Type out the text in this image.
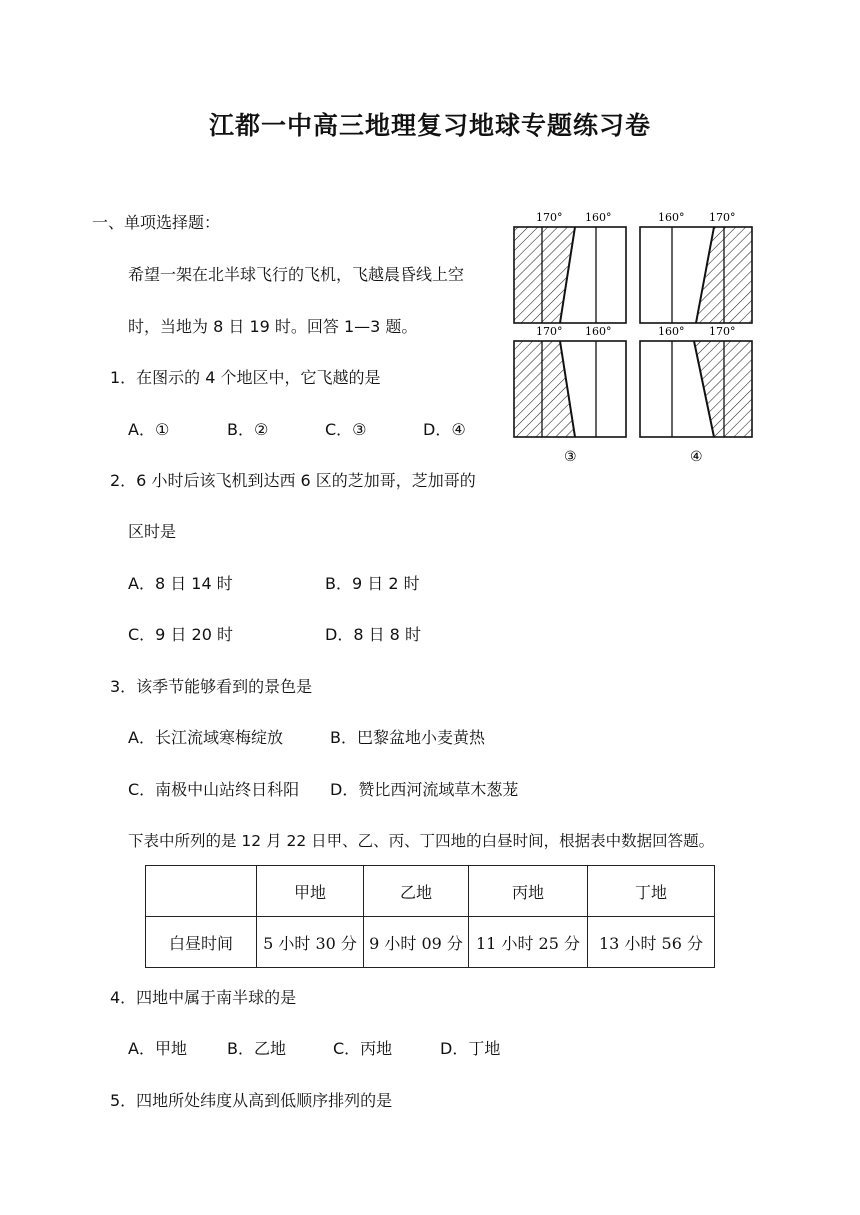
江都一中高三地理复习地球专题练习卷
一、单项选择题：
希望一架在北半球飞行的飞机，飞越晨昏线上空
时，当地为 8 日 19 时。回答 1—3 题。
170° 160°	160° 170°
170° 160°
③
160° 170°
④
1．在图示的 4 个地区中，它飞越的是
A．①	B．②	C．③	D．④
2．6 小时后该飞机到达西 6 区的芝加哥，芝加哥的
区时是
A．8 日 14 时	B．9 日 2 时
C．9 日 20 时	D．8 日 8 时
3．该季节能够看到的景色是
A．长江流域寒梅绽放	B．巴黎盆地小麦黄热
C．南极中山站终日科阳 D．赞比西河流域草木葱茏
下表中所列的是 12 月 22 日甲、乙、丙、丁四地的白昼时间，根据表中数据回答题。
	甲地	乙地	丙地	丁地
白昼时间	5 小时 30 分	9 小时 09 分	11 小时 25 分	13 小时 56 分
4．四地中属于南半球的是
A．甲地	B．乙地	C．丙地	D．丁地
5．四地所处纬度从高到低顺序排列的是
